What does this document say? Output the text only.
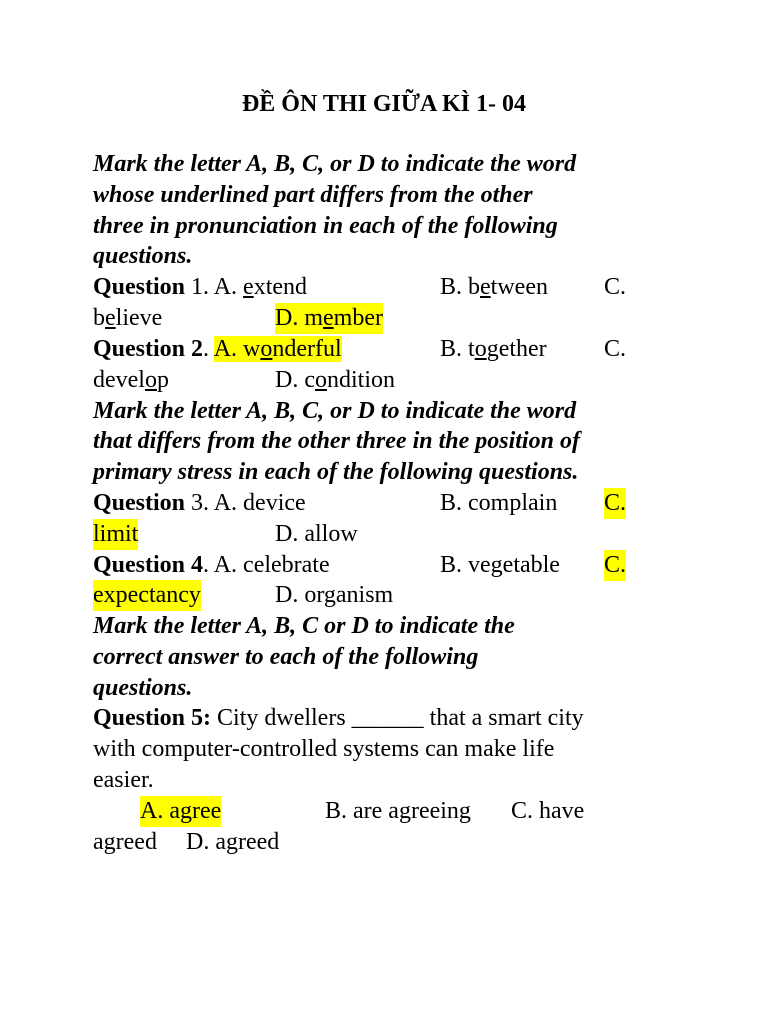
ĐỀ ÔN THI GIỮA KÌ 1- 04
Mark the letter A, B, C, or D to indicate the word
whose underlined part differs from the other
three in pronunciation in each of the following
questions.
Question 1. A. extend	B. between C.
believe	D. member
Question 2. A. wonderful	B. together C.
develop	D. condition
Mark the letter A, B, C, or D to indicate the word
that differs from the other three in the position of
primary stress in each of the following questions.
Question 3. A. device	B. complain C.
limit	D. allow
Question 4. A. celebrate	B. vegetable C.
expectancy	D. organism
Mark the letter A, B, C or D to indicate the
correct answer to each of the following
questions.
Question 5: City dwellers ______ that a smart city
with computer-controlled systems can make life
easier.
A. agree	B. are agreeing C. have
agreed D. agreed
